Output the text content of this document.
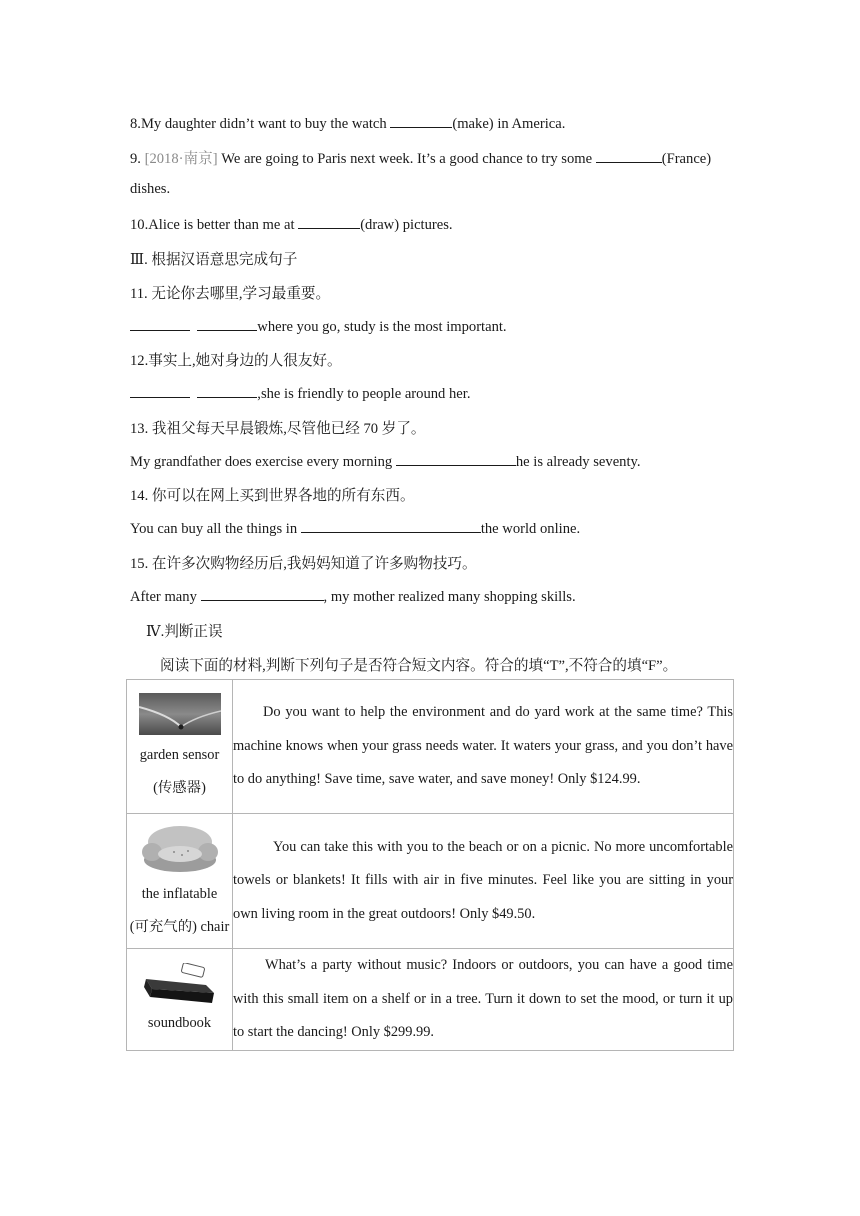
8.My daughter didn’t want to buy the watch	(make) in America.
9. [2018·南京] We are going to Paris next week. It’s a good chance to try some	(France)
dishes.
10.Alice is better than me at	(draw) pictures.
Ⅲ. 根据汉语意思完成句子
11. 无论你去哪里,学习最重要。
where you go, study is the most important.
12.事实上,她对身边的人很友好。
,she is friendly to people around her.
13. 我祖父每天早晨锻炼,尽管他已经 70 岁了。
My grandfather does exercise every morning	he is already seventy.
14. 你可以在网上买到世界各地的所有东西。
You can buy all the things in	the world online.
15. 在许多次购物经历后,我妈妈知道了许多购物技巧。
After many	, my mother realized many shopping skills.
Ⅳ.判断正误
阅读下面的材料,判断下列句子是否符合短文内容。符合的填“T”,不符合的填“F”。
garden sensor
(传感器)	Do you want to help the environment and do yard work at the same time? This machine knows when your grass needs water. It waters your grass, and you don’t have to do anything! Save time, save water, and save money! Only $124.99.

the inflatable
(可充气的) chair	You can take this with you to the beach or on a picnic. No more uncomfortable towels or blankets! It fills with air in five minutes. Feel like you are sitting in your own living room in the great outdoors! Only $49.50.

soundbook	What’s a party without music? Indoors or outdoors, you can have a good time with this small item on a shelf or in a tree. Turn it down to set the mood, or turn it up to start the dancing! Only $299.99.
